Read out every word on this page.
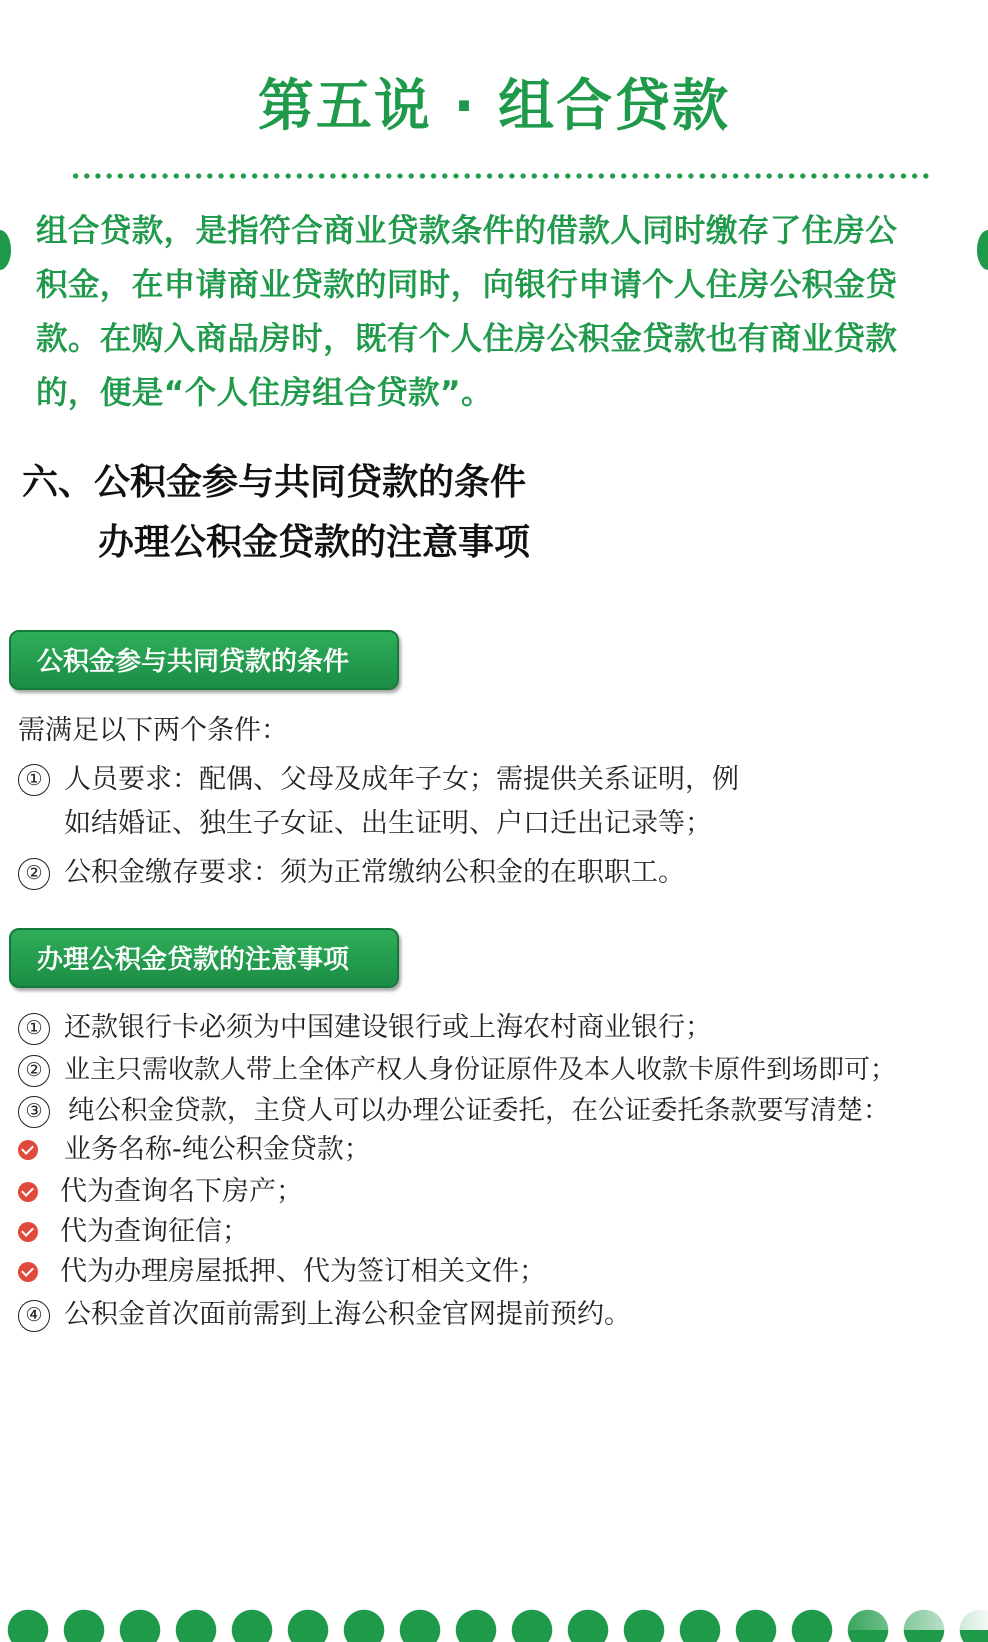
第五说 · 组合贷款

组合贷款，是指符合商业贷款条件的借款人同时缴存了住房公

积金，在申请商业贷款的同时，向银行申请个人住房公积金贷

款。在购入商品房时，既有个人住房公积金贷款也有商业贷款

的，便是“个人住房组合贷款”。

六、公积金参与共同贷款的条件
办理公积金贷款的注意事项
公积金参与共同贷款的条件
需满足以下两个条件：
① 人员要求：配偶、父母及成年子女；需提供关系证明，例
如结婚证、独生子女证、出生证明、户口迁出记录等；
② 公积金缴存要求：须为正常缴纳公积金的在职职工。
办理公积金贷款的注意事项
① 还款银行卡必须为中国建设银行或上海农村商业银行；
② 业主只需收款人带上全体产权人身份证原件及本人收款卡原件到场即可；
③ 纯公积金贷款，主贷人可以办理公证委托，在公证委托条款要写清楚：
业务名称-纯公积金贷款；
代为查询名下房产；
代为查询征信；
代为办理房屋抵押、代为签订相关文件；
④ 公积金首次面前需到上海公积金官网提前预约。
